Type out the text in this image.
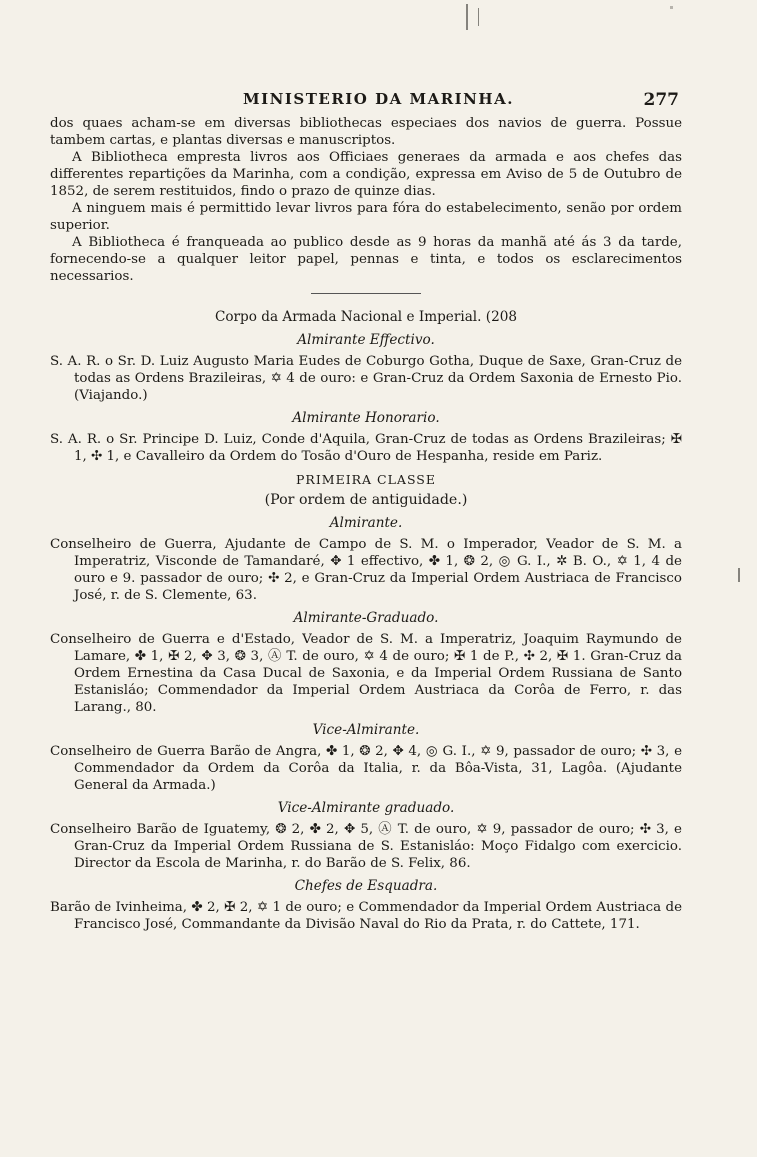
MINISTERIO DA MARINHA.	277

dos quaes acham-se em diversas bibliothecas especiaes dos navios de guerra. Possue tambem cartas, e plantas diversas e manuscriptos.

A Bibliotheca empresta livros aos Officiaes generaes da armada e aos chefes das differentes repartições da Marinha, com a condição, expressa em Aviso de 5 de Outubro de 1852, de serem restituidos, findo o prazo de quinze dias.

A ninguem mais é permittido levar livros para fóra do estabelecimento, senão por ordem superior.

A Bibliotheca é franqueada ao publico desde as 9 horas da manhã até ás 3 da tarde, fornecendo-se a qualquer leitor papel, pennas e tinta, e todos os esclarecimentos necessarios.

Corpo da Armada Nacional e Imperial. (208
Almirante Effectivo.

S. A. R. o Sr. D. Luiz Augusto Maria Eudes de Coburgo Gotha, Duque de Saxe, Gran-Cruz de todas as Ordens Brazileiras, ✡ 4 de ouro: e Gran-Cruz da Ordem Saxonia de Ernesto Pio. (Viajando.)

Almirante Honorario.

S. A. R. o Sr. Principe D. Luiz, Conde d'Aquila, Gran-Cruz de todas as Ordens Brazileiras; ✠ 1, ✣ 1, e Cavalleiro da Ordem do Tosão d'Ouro de Hespanha, reside em Pariz.

PRIMEIRA CLASSE
(Por ordem de antiguidade.)
Almirante.

Conselheiro de Guerra, Ajudante de Campo de S. M. o Imperador, Veador de S. M. a Imperatriz, Visconde de Tamandaré, ✥ 1 effectivo, ✤ 1, ❂ 2, ◎ G. I., ✲ B. O., ✡ 1, 4 de ouro e 9. passador de ouro; ✣ 2, e Gran-Cruz da Imperial Ordem Austriaca de Francisco José, r. de S. Clemente, 63.

Almirante-Graduado.

Conselheiro de Guerra e d'Estado, Veador de S. M. a Imperatriz, Joaquim Raymundo de Lamare, ✤ 1, ✠ 2, ✥ 3, ❂ 3, Ⓐ T. de ouro, ✡ 4 de ouro; ✠ 1 de P., ✣ 2, ✠ 1. Gran-Cruz da Ordem Ernestina da Casa Ducal de Saxonia, e da Imperial Ordem Russiana de Santo Estanisláo; Commendador da Imperial Ordem Austriaca da Corôa de Ferro, r. das Larang., 80.

Vice-Almirante.

Conselheiro de Guerra Barão de Angra, ✤ 1, ❂ 2, ✥ 4, ◎ G. I., ✡ 9, passador de ouro; ✣ 3, e Commendador da Ordem da Corôa da Italia, r. da Bôa-Vista, 31, Lagôa. (Ajudante General da Armada.)

Vice-Almirante graduado.

Conselheiro Barão de Iguatemy, ❂ 2, ✤ 2, ✥ 5, Ⓐ T. de ouro, ✡ 9, passador de ouro; ✣ 3, e Gran-Cruz da Imperial Ordem Russiana de S. Estanisláo: Moço Fidalgo com exercicio. Director da Escola de Marinha, r. do Barão de S. Felix, 86.

Chefes de Esquadra.

Barão de Ivinheima, ✤ 2, ✠ 2, ✡ 1 de ouro; e Commendador da Imperial Ordem Austriaca de Francisco José, Commandante da Divisão Naval do Rio da Prata, r. do Cattete, 171.
